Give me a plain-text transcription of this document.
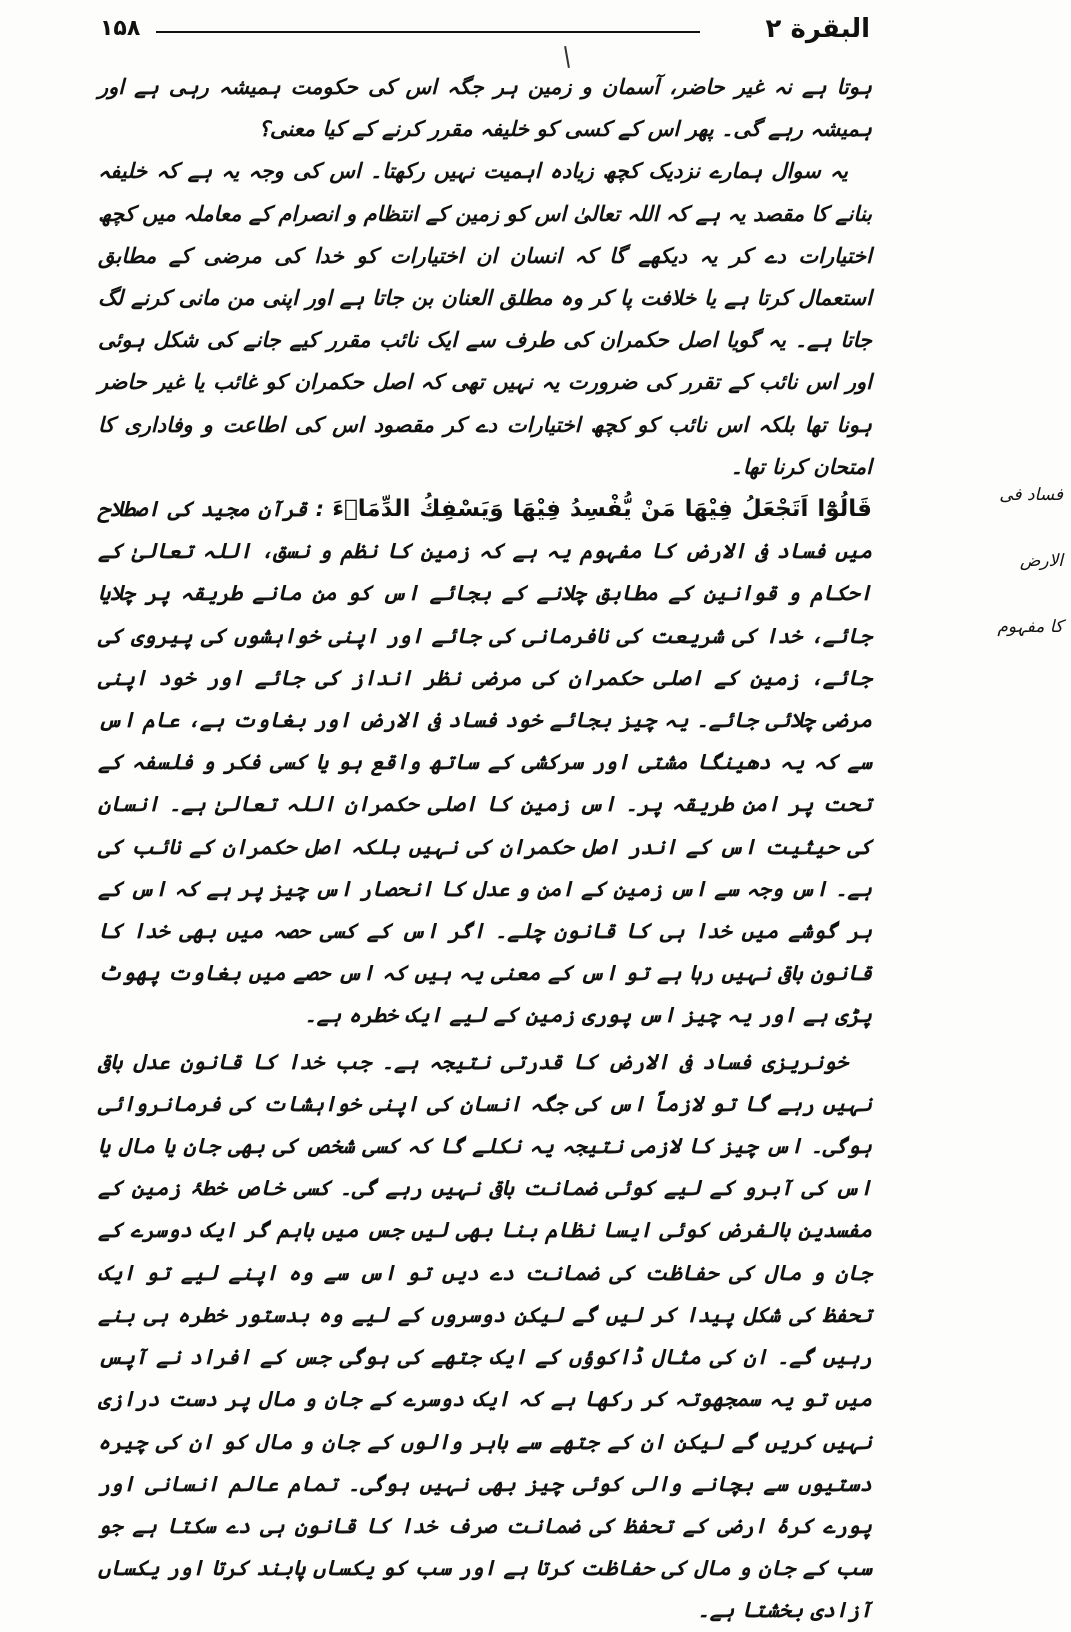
۱۵۸	البقرة ٢
فساد فی الارض
کا مفہوم

ہوتا ہے نہ غیر حاضر، آسمان و زمین ہر جگہ اس کی حکومت ہمیشہ رہی ہے اور ہمیشہ رہے گی۔ پھر اس کے کسی کو خلیفہ مقرر کرنے کے کیا معنی؟

یہ سوال ہمارے نزدیک کچھ زیادہ اہمیت نہیں رکھتا۔ اس کی وجہ یہ ہے کہ خلیفہ بنانے کا مقصد یہ ہے کہ اللہ تعالیٰ اس کو زمین کے انتظام و انصرام کے معاملہ میں کچھ اختیارات دے کر یہ دیکھے گا کہ انسان ان اختیارات کو خدا کی مرضی کے مطابق استعمال کرتا ہے یا خلافت پا کر وہ مطلق العنان بن جاتا ہے اور اپنی من مانی کرنے لگ جاتا ہے۔ یہ گویا اصل حکمران کی طرف سے ایک نائب مقرر کیے جانے کی شکل ہوئی اور اس نائب کے تقرر کی ضرورت یہ نہیں تھی کہ اصل حکمران کو غائب یا غیر حاضر ہونا تھا بلکہ اس نائب کو کچھ اختیارات دے کر مقصود اس کی اطاعت و وفاداری کا امتحان کرنا تھا۔

قَالُوْٓا اَتَجْعَلُ فِيْهَا مَنْ يُّفْسِدُ فِيْهَا وَيَسْفِكُ الدِّمَاۗءَ : قرآن مجید کی اصطلاح میں فساد فی الارض کا مفہوم یہ ہے کہ زمین کا نظم و نسق، اللہ تعالیٰ کے احکام و قوانین کے مطابق چلانے کے بجائے اس کو من مانے طریقہ پر چلایا جائے، خدا کی شریعت کی نافرمانی کی جائے اور اپنی خواہشوں کی پیروی کی جائے، زمین کے اصلی حکمران کی مرضی نظر انداز کی جائے اور خود اپنی مرضی چلائی جائے۔ یہ چیز بجائے خود فساد فی الارض اور بغاوت ہے، عام اس سے کہ یہ دھینگا مشتی اور سرکشی کے ساتھ واقع ہو یا کسی فکر و فلسفہ کے تحت پر امن طریقہ پر۔ اس زمین کا اصلی حکمران اللہ تعالیٰ ہے۔ انسان کی حیثیت اس کے اندر اصل حکمران کی نہیں بلکہ اصل حکمران کے نائب کی ہے۔ اس وجہ سے اس زمین کے امن و عدل کا انحصار اس چیز پر ہے کہ اس کے ہر گوشے میں خدا ہی کا قانون چلے۔ اگر اس کے کسی حصہ میں بھی خدا کا قانون باقی نہیں رہا ہے تو اس کے معنی یہ ہیں کہ اس حصے میں بغاوت پھوٹ پڑی ہے اور یہ چیز اس پوری زمین کے لیے ایک خطرہ ہے۔

خونریزی فساد فی الارض کا قدرتی نتیجہ ہے۔ جب خدا کا قانون عدل باقی نہیں رہے گا تو لازماً اس کی جگہ انسان کی اپنی خواہشات کی فرمانروائی ہوگی۔ اس چیز کا لازمی نتیجہ یہ نکلے گا کہ کسی شخص کی بھی جان یا مال یا اس کی آبرو کے لیے کوئی ضمانت باقی نہیں رہے گی۔ کسی خاص خطۂ زمین کے مفسدین بالفرض کوئی ایسا نظام بنا بھی لیں جس میں باہم گر ایک دوسرے کے جان و مال کی حفاظت کی ضمانت دے دیں تو اس سے وہ اپنے لیے تو ایک تحفظ کی شکل پیدا کر لیں گے لیکن دوسروں کے لیے وہ بدستور خطرہ ہی بنے رہیں گے۔ ان کی مثال ڈاکوؤں کے ایک جتھے کی ہوگی جس کے افراد نے آپس میں تو یہ سمجھوتہ کر رکھا ہے کہ ایک دوسرے کے جان و مال پر دست درازی نہیں کریں گے لیکن ان کے جتھے سے باہر والوں کے جان و مال کو ان کی چیرہ دستیوں سے بچانے والی کوئی چیز بھی نہیں ہوگی۔ تمام عالم انسانی اور پورے کرۂ ارضی کے تحفظ کی ضمانت صرف خدا کا قانون ہی دے سکتا ہے جو سب کے جان و مال کی حفاظت کرتا ہے اور سب کو یکساں پابند کرتا اور یکساں آزادی بخشتا ہے۔
